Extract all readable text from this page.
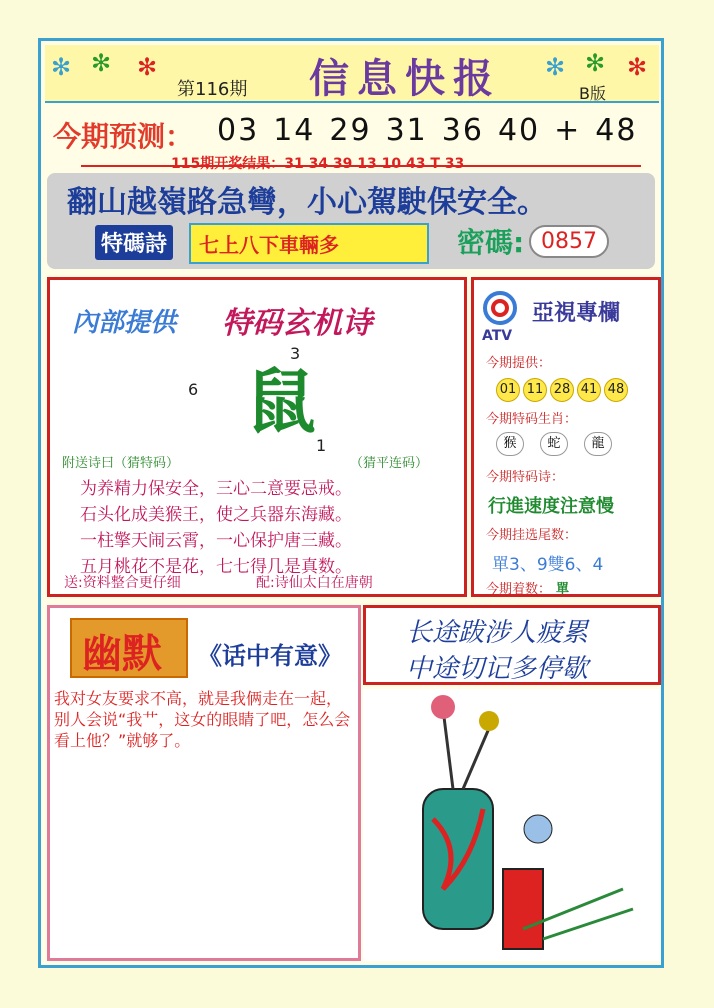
✻ ✻ ✻
第116期 信息快报 ✻ ✻ ✻
B版
今期预测： 03 14 29 31 36 40 + 48
115期开奖结果：31 34 39 13 10 43 T 33
翻山越嶺路急彎，小心駕駛保安全。
特碼詩	七上八下車輛多	密碼: 0857
內部提供 特码玄机诗
3
6 鼠
1
附送诗曰（猜特码）	（猜平连码）
为养精力保安全，三心二意要忌戒。
石头化成美猴王，使之兵器东海藏。
一柱擎天闹云霄，一心保护唐三藏。
五月桃花不是花，七七得几是真数。
送:资料整合更仔细	配:诗仙太白在唐朝
ATV
亞視專欄
今期提供：
01 11 28 41 48
今期特码生肖：
猴 蛇 龍
今期特码诗：
行進速度注意慢
今期挂选尾数：
單3、9雙6、4
今期着数： 單
幽默 《话中有意》
我对女友要求不高，就是我俩走在一起，别人会说“我艹，这女的眼睛了吧，怎么会看上他？”就够了。
长途跋涉人疲累
中途切记多停歇
